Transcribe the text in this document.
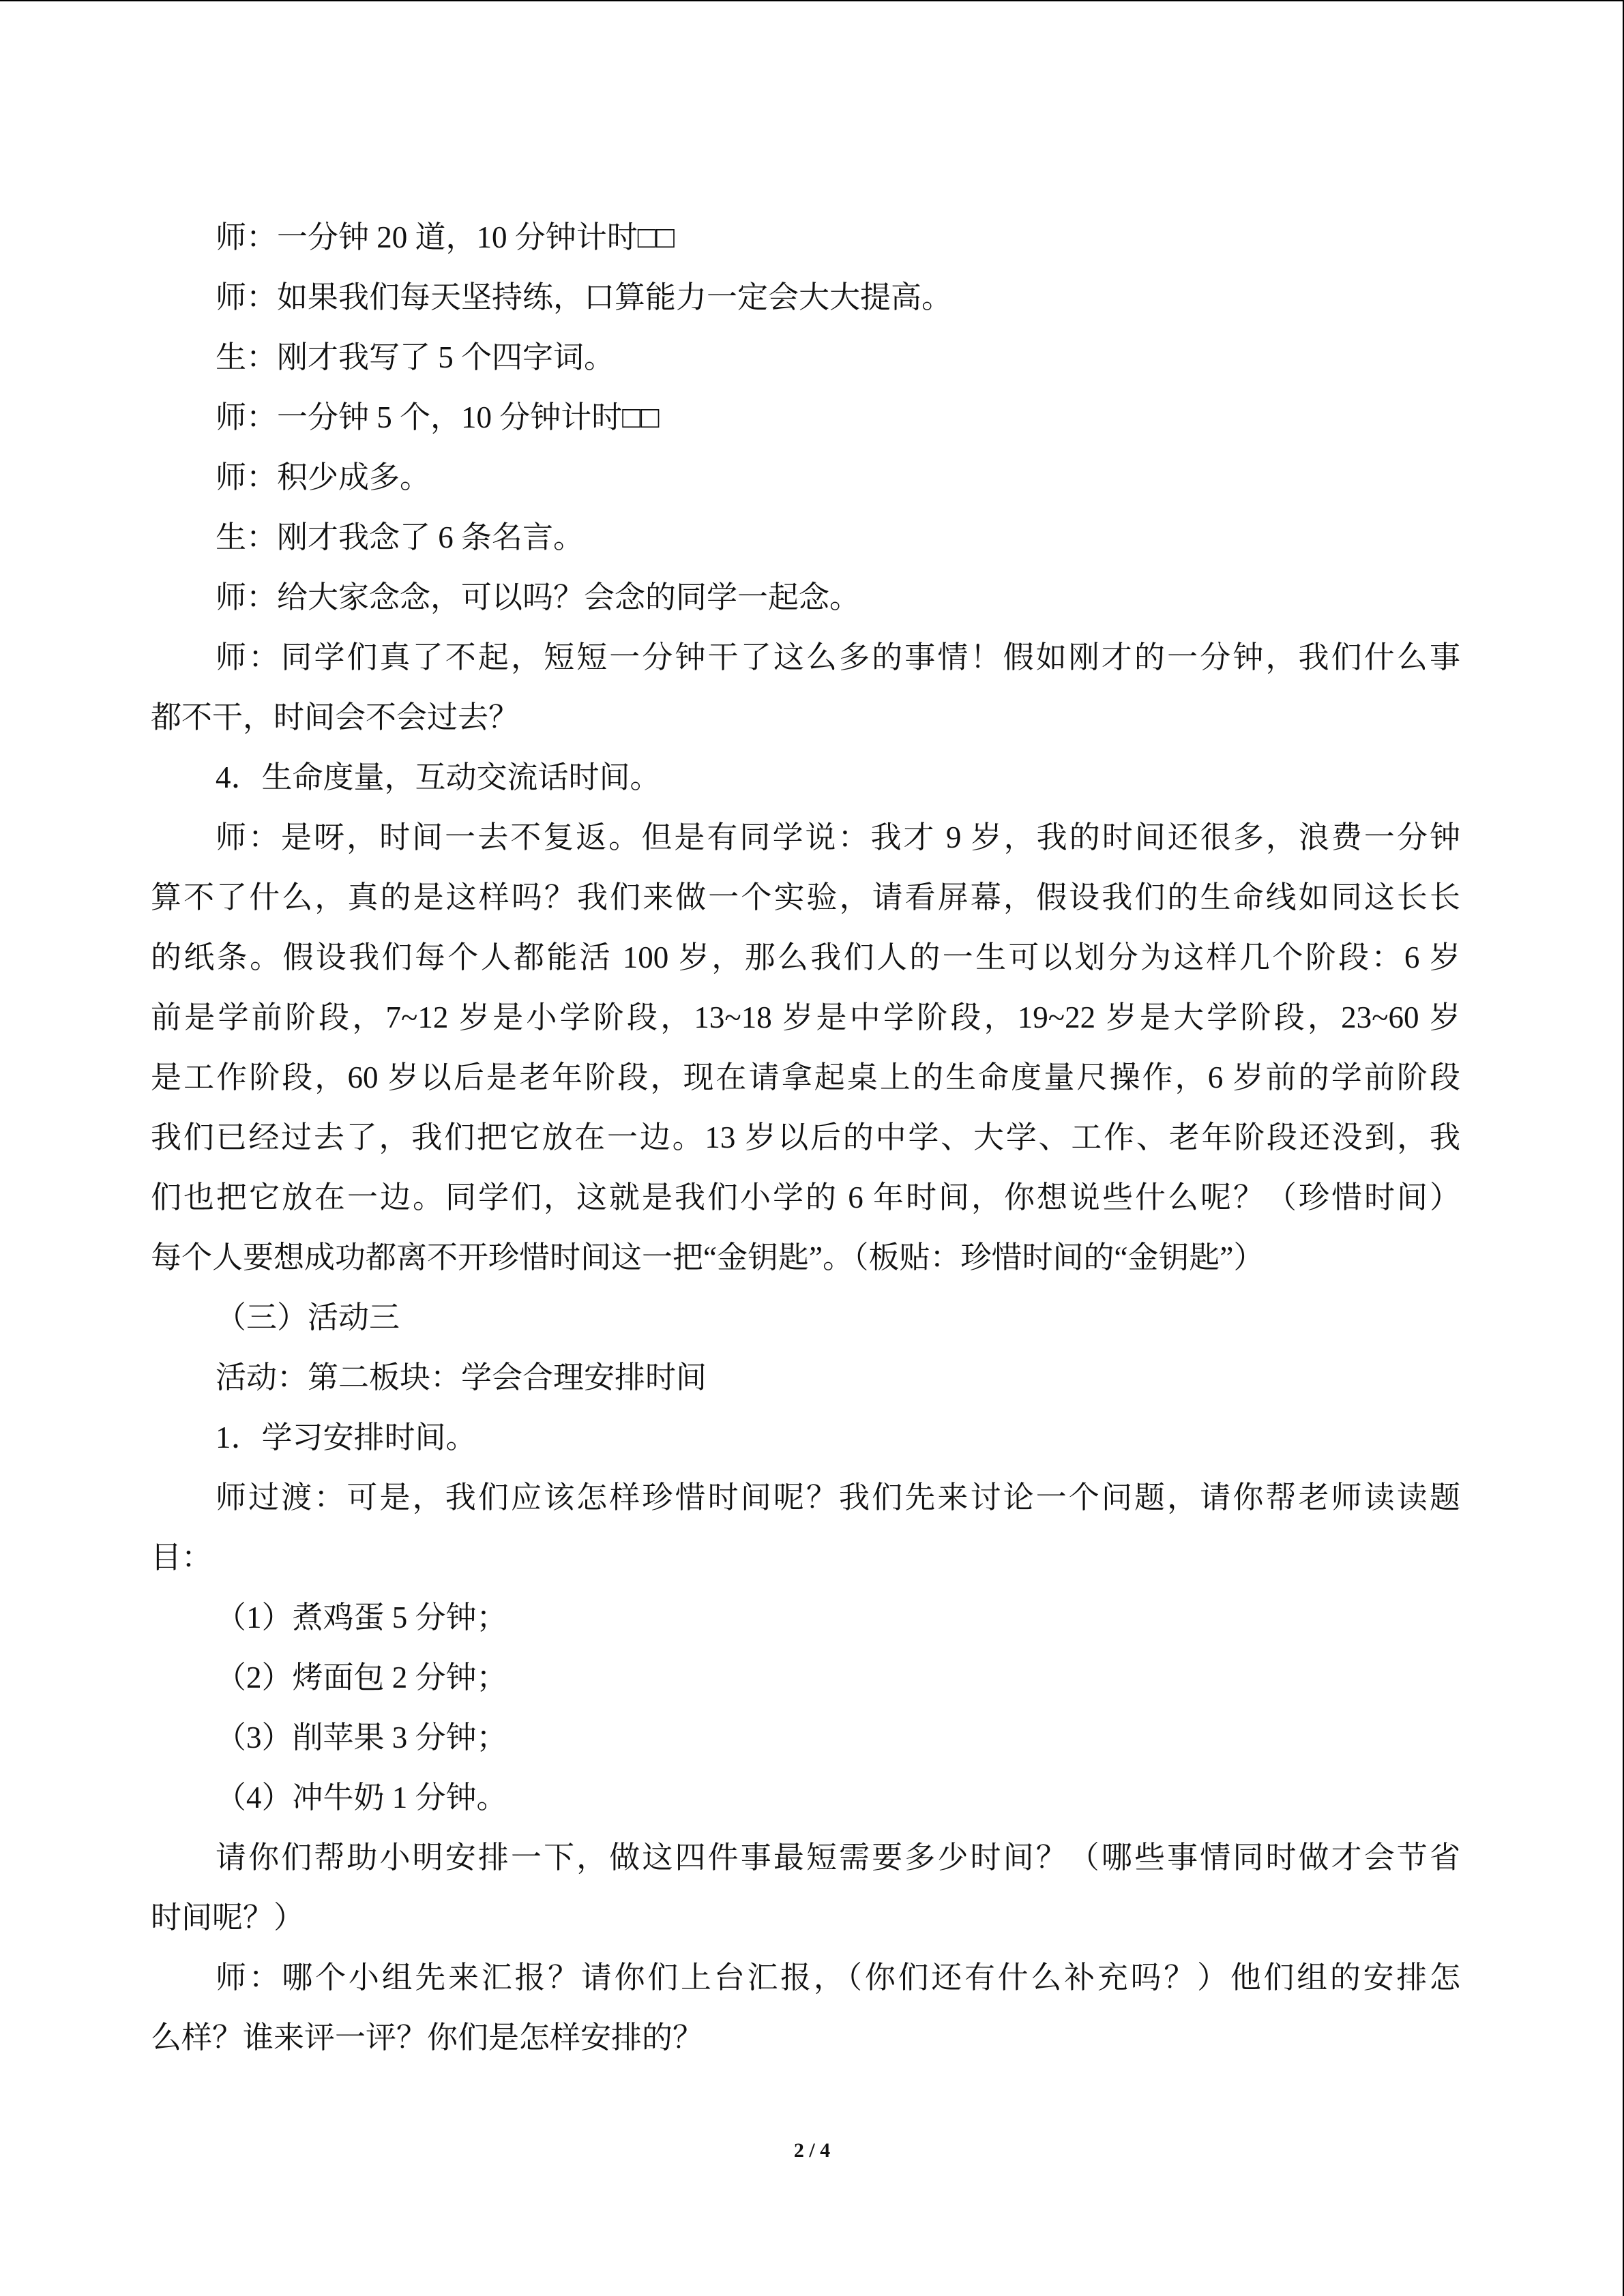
师：一分钟 20 道，10 分钟计时□□
师：如果我们每天坚持练，口算能力一定会大大提高。
生：刚才我写了 5 个四字词。
师：一分钟 5 个，10 分钟计时□□
师：积少成多。
生：刚才我念了 6 条名言。
师：给大家念念，可以吗？会念的同学一起念。
师：同学们真了不起，短短一分钟干了这么多的事情！假如刚才的一分钟，我们什么事
都不干，时间会不会过去？
4．生命度量，互动交流话时间。
师：是呀，时间一去不复返。但是有同学说：我才 9 岁，我的时间还很多，浪费一分钟
算不了什么，真的是这样吗？我们来做一个实验，请看屏幕，假设我们的生命线如同这长长
的纸条。假设我们每个人都能活 100 岁，那么我们人的一生可以划分为这样几个阶段：6 岁
前是学前阶段，7~12 岁是小学阶段，13~18 岁是中学阶段，19~22 岁是大学阶段，23~60 岁
是工作阶段，60 岁以后是老年阶段，现在请拿起桌上的生命度量尺操作，6 岁前的学前阶段
我们已经过去了，我们把它放在一边。13 岁以后的中学、大学、工作、老年阶段还没到，我
们也把它放在一边。同学们，这就是我们小学的 6 年时间，你想说些什么呢？（珍惜时间）
每个人要想成功都离不开珍惜时间这一把“金钥匙”。（板贴：珍惜时间的“金钥匙”）
（三）活动三
活动：第二板块：学会合理安排时间
1．学习安排时间。
师过渡：可是，我们应该怎样珍惜时间呢？我们先来讨论一个问题，请你帮老师读读题
目：
（1）煮鸡蛋 5 分钟；
（2）烤面包 2 分钟；
（3）削苹果 3 分钟；
（4）冲牛奶 1 分钟。
请你们帮助小明安排一下，做这四件事最短需要多少时间？（哪些事情同时做才会节省
时间呢？）
师：哪个小组先来汇报？请你们上台汇报，（你们还有什么补充吗？）他们组的安排怎
么样？谁来评一评？你们是怎样安排的？
2 / 4
